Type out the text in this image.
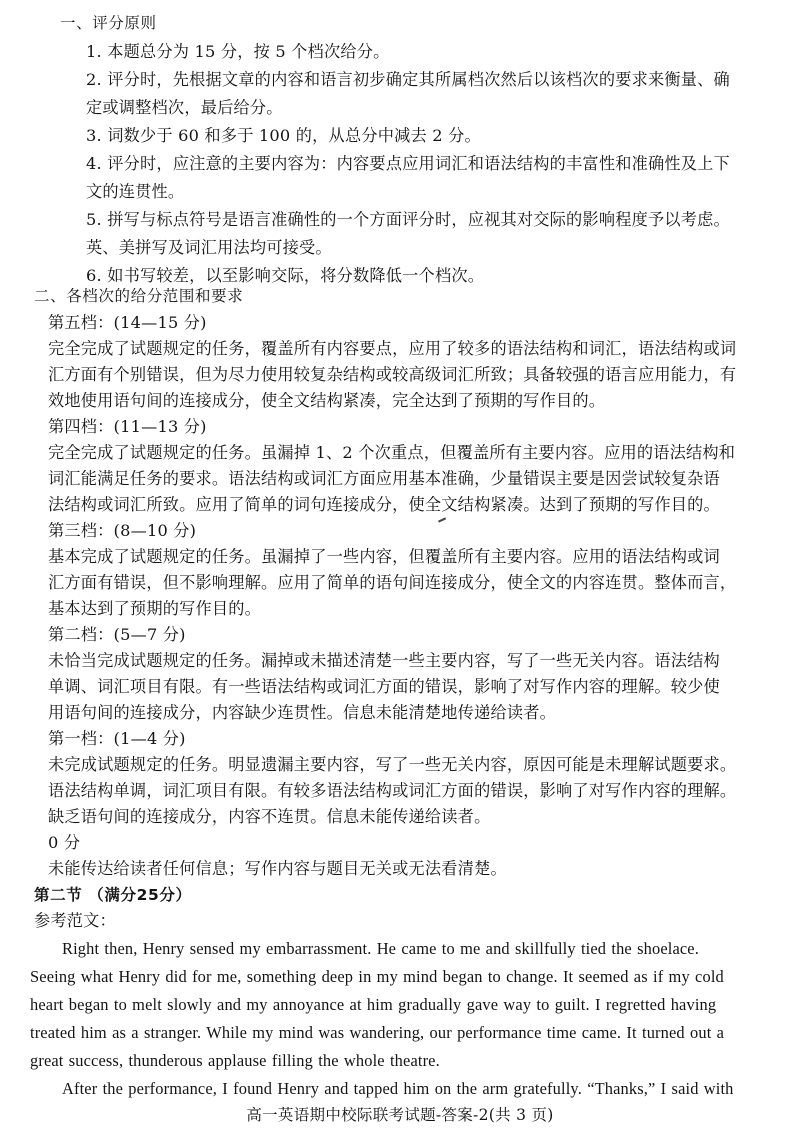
一、评分原则

1. 本题总分为 15 分，按 5 个档次给分。

2. 评分时，先根据文章的内容和语言初步确定其所属档次然后以该档次的要求来衡量、确

定或调整档次，最后给分。

3. 词数少于 60 和多于 100 的，从总分中减去 2 分。

4. 评分时，应注意的主要内容为：内容要点应用词汇和语法结构的丰富性和准确性及上下

文的连贯性。

5. 拼写与标点符号是语言准确性的一个方面评分时，应视其对交际的影响程度予以考虑。

英、美拼写及词汇用法均可接受。

6. 如书写较差，以至影响交际，将分数降低一个档次。

二、各档次的给分范围和要求

第五档：(14—15 分)

完全完成了试题规定的任务，覆盖所有内容要点，应用了较多的语法结构和词汇，语法结构或词

汇方面有个别错误，但为尽力使用较复杂结构或较高级词汇所致；具备较强的语言应用能力，有

效地使用语句间的连接成分，使全文结构紧凑，完全达到了预期的写作目的。

第四档：(11—13 分)

完全完成了试题规定的任务。虽漏掉 1、2 个次重点，但覆盖所有主要内容。应用的语法结构和

词汇能满足任务的要求。语法结构或词汇方面应用基本准确，少量错误主要是因尝试较复杂语

法结构或词汇所致。应用了简单的词句连接成分，使全文结构紧凑。达到了预期的写作目的。

第三档：(8—10 分)

基本完成了试题规定的任务。虽漏掉了一些内容，但覆盖所有主要内容。应用的语法结构或词

汇方面有错误，但不影响理解。应用了简单的语句间连接成分，使全文的内容连贯。整体而言，

基本达到了预期的写作目的。

第二档：(5—7 分)

未恰当完成试题规定的任务。漏掉或未描述清楚一些主要内容，写了一些无关内容。语法结构

单调、词汇项目有限。有一些语法结构或词汇方面的错误，影响了对写作内容的理解。较少使

用语句间的连接成分，内容缺少连贯性。信息未能清楚地传递给读者。

第一档：(1—4 分)

未完成试题规定的任务。明显遗漏主要内容，写了一些无关内容，原因可能是未理解试题要求。

语法结构单调，词汇项目有限。有较多语法结构或词汇方面的错误，影响了对写作内容的理解。

缺乏语句间的连接成分，内容不连贯。信息未能传递给读者。

0 分

未能传达给读者任何信息；写作内容与题目无关或无法看清楚。

第二节 （满分25分）

参考范文：

Right then, Henry sensed my embarrassment. He came to me and skillfully tied the shoelace.

Seeing what Henry did for me, something deep in my mind began to change. It seemed as if my cold

heart began to melt slowly and my annoyance at him gradually gave way to guilt. I regretted having

treated him as a stranger. While my mind was wandering, our performance time came. It turned out a

great success, thunderous applause filling the whole theatre.

After the performance, I found Henry and tapped him on the arm gratefully. “Thanks,” I said with

高一英语期中校际联考试题-答案-2(共 3 页)
